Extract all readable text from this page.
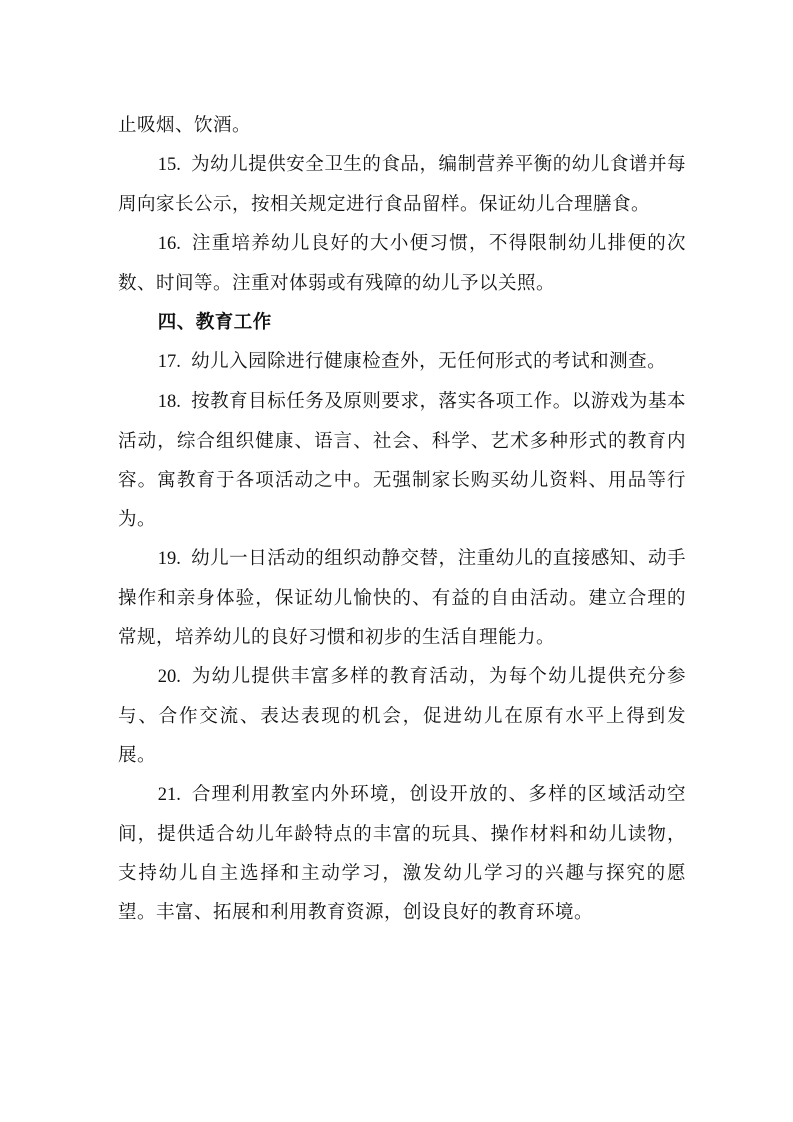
止吸烟、饮酒。

15. 为幼儿提供安全卫生的食品，编制营养平衡的幼儿食谱并每周向家长公示，按相关规定进行食品留样。保证幼儿合理膳食。

16. 注重培养幼儿良好的大小便习惯，不得限制幼儿排便的次数、时间等。注重对体弱或有残障的幼儿予以关照。

四、教育工作

17. 幼儿入园除进行健康检查外，无任何形式的考试和测查。

18. 按教育目标任务及原则要求，落实各项工作。以游戏为基本活动，综合组织健康、语言、社会、科学、艺术多种形式的教育内容。寓教育于各项活动之中。无强制家长购买幼儿资料、用品等行为。

19. 幼儿一日活动的组织动静交替，注重幼儿的直接感知、动手操作和亲身体验，保证幼儿愉快的、有益的自由活动。建立合理的常规，培养幼儿的良好习惯和初步的生活自理能力。

20. 为幼儿提供丰富多样的教育活动，为每个幼儿提供充分参与、合作交流、表达表现的机会，促进幼儿在原有水平上得到发展。

21. 合理利用教室内外环境，创设开放的、多样的区域活动空间，提供适合幼儿年龄特点的丰富的玩具、操作材料和幼儿读物，支持幼儿自主选择和主动学习，激发幼儿学习的兴趣与探究的愿望。丰富、拓展和利用教育资源，创设良好的教育环境。
